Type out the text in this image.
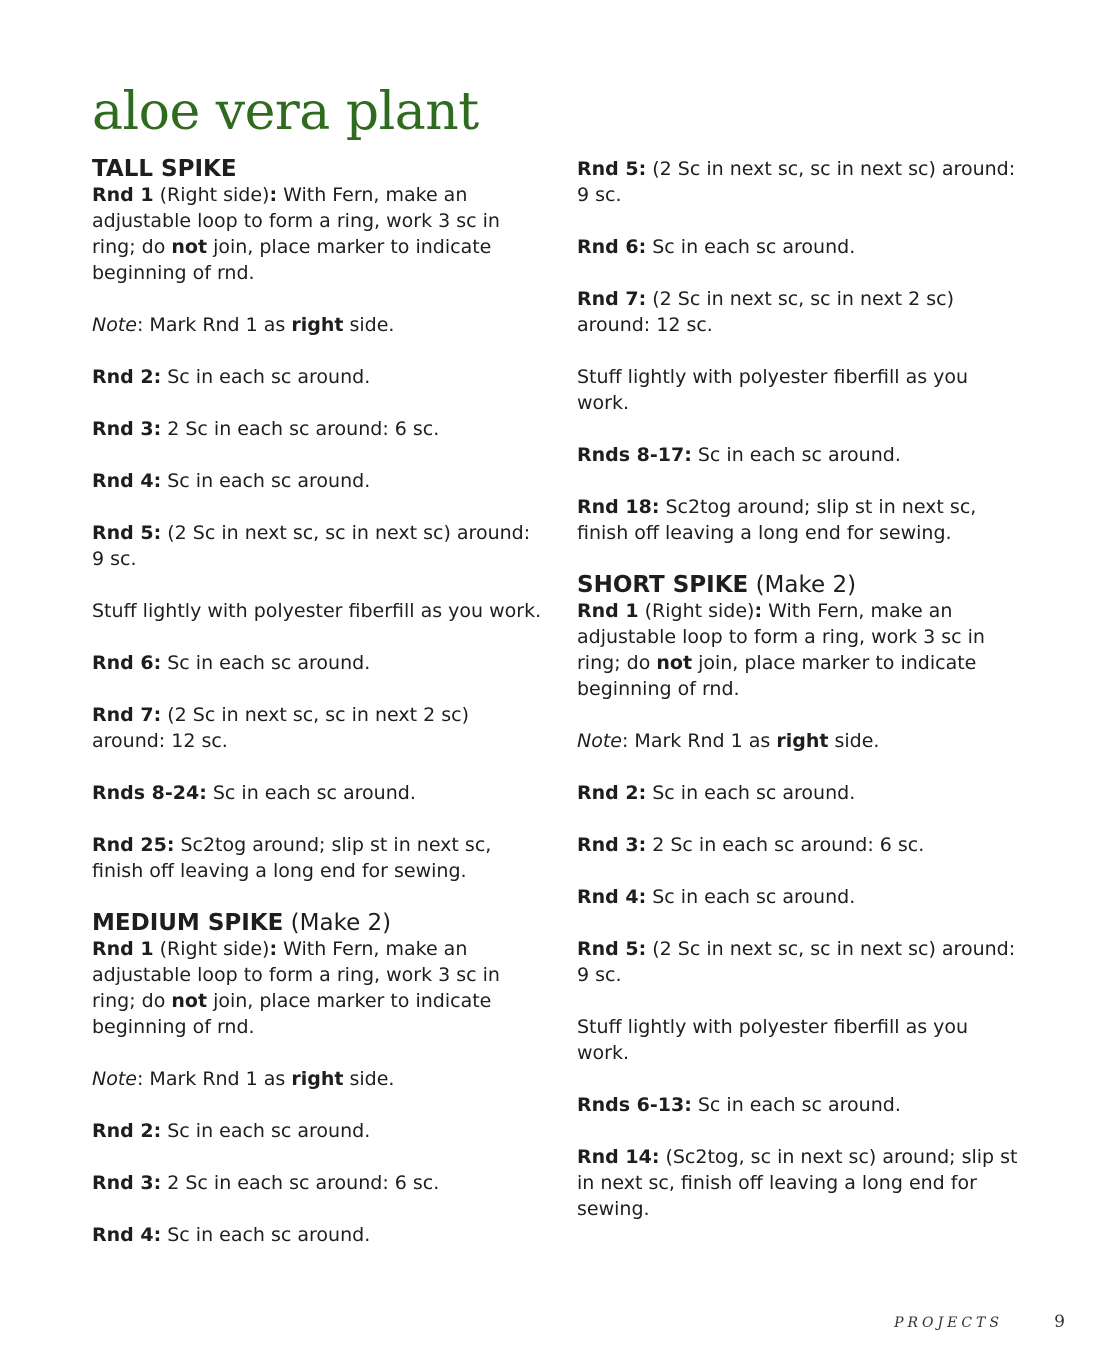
aloe vera plant
TALL SPIKE

Rnd 1 (Right side): With Fern, make an adjustable loop to form a ring, work 3 sc in ring; do not join, place marker to indicate beginning of rnd.

Note: Mark Rnd 1 as right side.

Rnd 2: Sc in each sc around.

Rnd 3: 2 Sc in each sc around: 6 sc.

Rnd 4: Sc in each sc around.

Rnd 5: (2 Sc in next sc, sc in next sc) around: 9 sc.

Stuff lightly with polyester fiberfill as you work.

Rnd 6: Sc in each sc around.

Rnd 7: (2 Sc in next sc, sc in next 2 sc) around: 12 sc.

Rnds 8-24: Sc in each sc around.

Rnd 25: Sc2tog around; slip st in next sc, finish off leaving a long end for sewing.

MEDIUM SPIKE (Make 2)

Rnd 1 (Right side): With Fern, make an adjustable loop to form a ring, work 3 sc in ring; do not join, place marker to indicate beginning of rnd.

Note: Mark Rnd 1 as right side.

Rnd 2: Sc in each sc around.

Rnd 3: 2 Sc in each sc around: 6 sc.

Rnd 4: Sc in each sc around.

Rnd 5: (2 Sc in next sc, sc in next sc) around: 9 sc.

Rnd 6: Sc in each sc around.

Rnd 7: (2 Sc in next sc, sc in next 2 sc) around: 12 sc.

Stuff lightly with polyester fiberfill as you work.

Rnds 8-17: Sc in each sc around.

Rnd 18: Sc2tog around; slip st in next sc, finish off leaving a long end for sewing.

SHORT SPIKE (Make 2)

Rnd 1 (Right side): With Fern, make an adjustable loop to form a ring, work 3 sc in ring; do not join, place marker to indicate beginning of rnd.

Note: Mark Rnd 1 as right side.

Rnd 2: Sc in each sc around.

Rnd 3: 2 Sc in each sc around: 6 sc.

Rnd 4: Sc in each sc around.

Rnd 5: (2 Sc in next sc, sc in next sc) around: 9 sc.

Stuff lightly with polyester fiberfill as you work.

Rnds 6-13: Sc in each sc around.

Rnd 14: (Sc2tog, sc in next sc) around; slip st in next sc, finish off leaving a long end for sewing.

PROJECTS	9
